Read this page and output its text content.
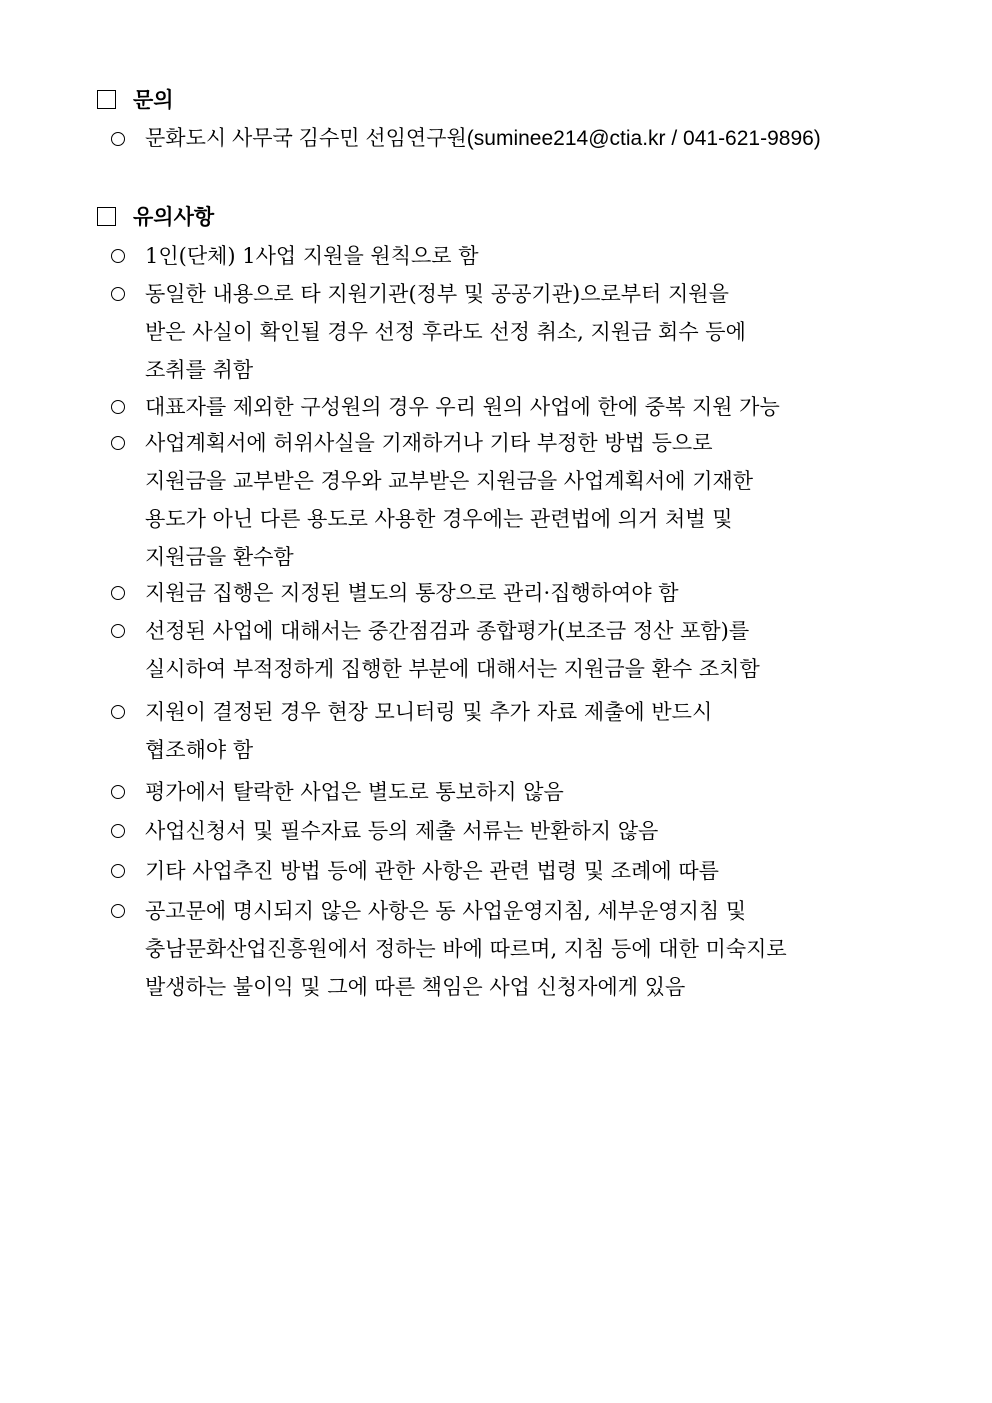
문의
문화도시 사무국 김수민 선임연구원(suminee214@ctia.kr / 041-621-9896)
유의사항
1인(단체) 1사업 지원을 원칙으로 함
동일한 내용으로 타 지원기관(정부 및 공공기관)으로부터 지원을
받은 사실이 확인될 경우 선정 후라도 선정 취소, 지원금 회수 등에
조취를 취함
대표자를 제외한 구성원의 경우 우리 원의 사업에 한에 중복 지원 가능
사업계획서에 허위사실을 기재하거나 기타 부정한 방법 등으로
지원금을 교부받은 경우와 교부받은 지원금을 사업계획서에 기재한
용도가 아닌 다른 용도로 사용한 경우에는 관련법에 의거 처벌 및
지원금을 환수함
지원금 집행은 지정된 별도의 통장으로 관리·집행하여야 함
선정된 사업에 대해서는 중간점검과 종합평가(보조금 정산 포함)를
실시하여 부적정하게 집행한 부분에 대해서는 지원금을 환수 조치함
지원이 결정된 경우 현장 모니터링 및 추가 자료 제출에 반드시
협조해야 함
평가에서 탈락한 사업은 별도로 통보하지 않음
사업신청서 및 필수자료 등의 제출 서류는 반환하지 않음
기타 사업추진 방법 등에 관한 사항은 관련 법령 및 조례에 따름
공고문에 명시되지 않은 사항은 동 사업운영지침, 세부운영지침 및
충남문화산업진흥원에서 정하는 바에 따르며, 지침 등에 대한 미숙지로
발생하는 불이익 및 그에 따른 책임은 사업 신청자에게 있음
